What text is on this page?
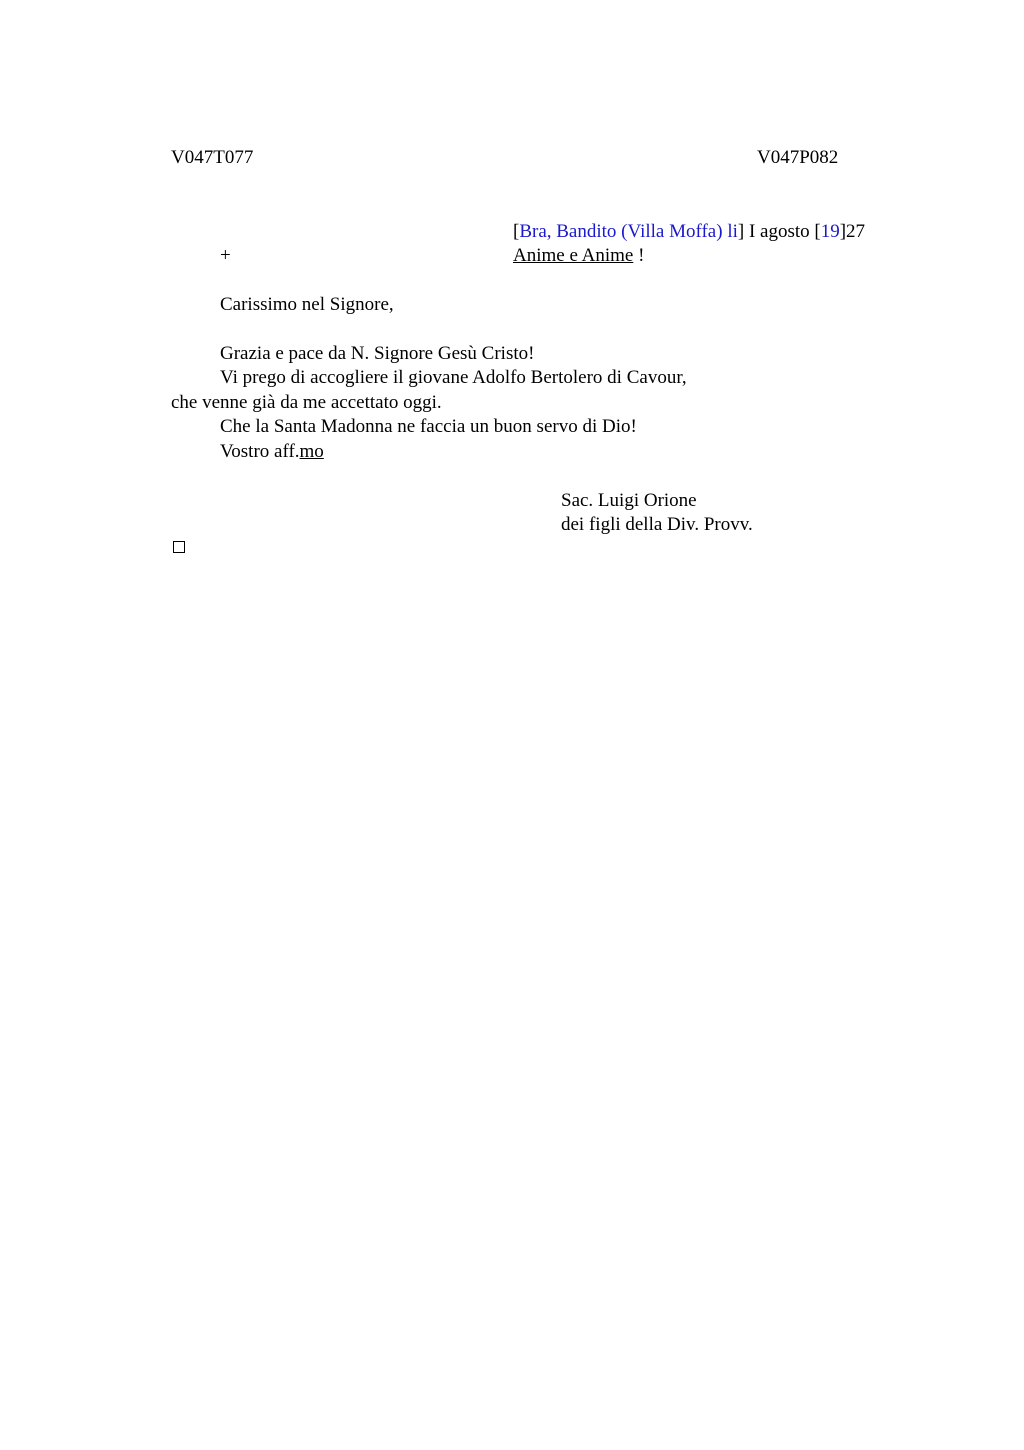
V047T077	V047P082
[Bra, Bandito (Villa Moffa) li] I agosto [19]27
+	Anime e Anime !
Carissimo nel Signore,
Grazia e pace da N. Signore Gesù Cristo!
Vi prego di accogliere il giovane Adolfo Bertolero di Cavour,
che venne già da me accettato oggi.
Che la Santa Madonna ne faccia un buon servo di Dio!
Vostro aff.mo
Sac. Luigi Orione
dei figli della Div. Provv.
